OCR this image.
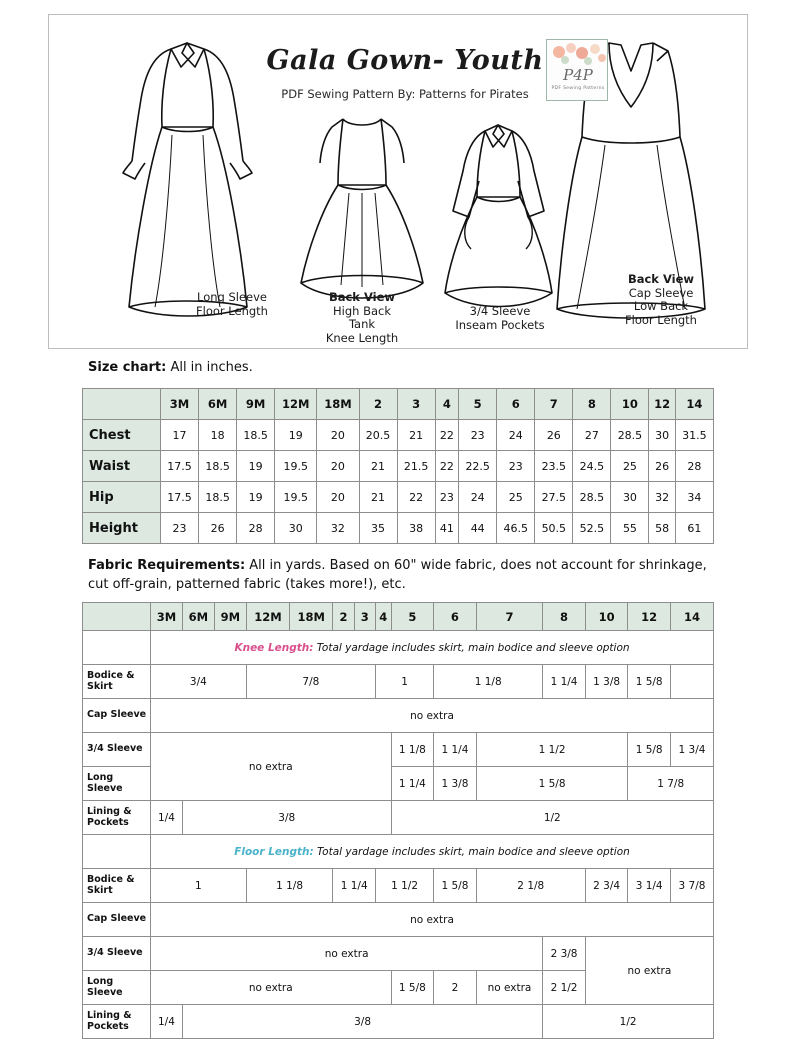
Gala Gown- Youth
PDF Sewing Pattern By: Patterns for Pirates
P4P
PDF Sewing Patterns
Long Sleeve
Floor Length
Back View
High Back
Tank
Knee Length
3/4 Sleeve
Inseam Pockets
Back View
Cap Sleeve
Low Back
Floor Length
Size chart: All in inches.
	3M	6M	9M	12M	18M	2	3	4	5	6	7	8	10	12	14
Chest	17	18	18.5	19	20	20.5	21	22	23	24	26	27	28.5	30	31.5
Waist	17.5	18.5	19	19.5	20	21	21.5	22	22.5	23	23.5	24.5	25	26	28
Hip	17.5	18.5	19	19.5	20	21	22	23	24	25	27.5	28.5	30	32	34
Height	23	26	28	30	32	35	38	41	44	46.5	50.5	52.5	55	58	61
Fabric Requirements: All in yards. Based on 60" wide fabric, does not account for shrinkage, cut off-grain, patterned fabric (takes more!), etc.
	3M	6M	9M	12M	18M	2	3	4	5	6	7	8	10	12	14
	Knee Length: Total yardage includes skirt, main bodice and sleeve option														
Bodice & Skirt	3/4			7/8				1		1 1/8		1 1/4	1 3/8	1 5/8	
Cap Sleeve	no extra														
3/4 Sleeve	no extra								1 1/8	1 1/4	1 1/2			1 5/8	1 3/4
Long Sleeve									1 1/4	1 3/8	1 5/8			1 7/8	
Lining & Pockets	1/4	3/8							1/2						
	Floor Length: Total yardage includes skirt, main bodice and sleeve option														
Bodice & Skirt	1			1 1/8		1 1/4		1 1/2		1 5/8	2 1/8		2 3/4	3 1/4	3 7/8
Cap Sleeve	no extra														
3/4 Sleeve	no extra											2 3/8	no extra		
Long Sleeve	no extra								1 5/8	2	no extra	2 1/2			
Lining & Pockets	1/4	3/8										1/2			
